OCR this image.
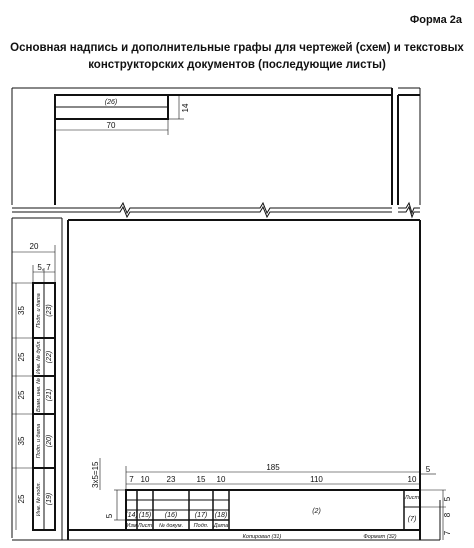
Форма 2а
Основная надпись и дополнительные графы для чертежей (схем) и текстовых
конструкторских документов (последующие листы)
(26)
70
14
20
5, 7
Подп. и дата (23)
35
Инв. № дубл. (22)
25
Взам. инв. № (21)
25
Подп. и дата (20)
35
Инв. № подл. (19)
25
185	5
3x5=15
5
7 10 23	15 10	110	10
Изм Лист № докум. Подп. Дата
Лист
(14) (15) (16)	(17) (18)
(2)
(7)
5
8
7
Копировал (31)	Формат (32)
